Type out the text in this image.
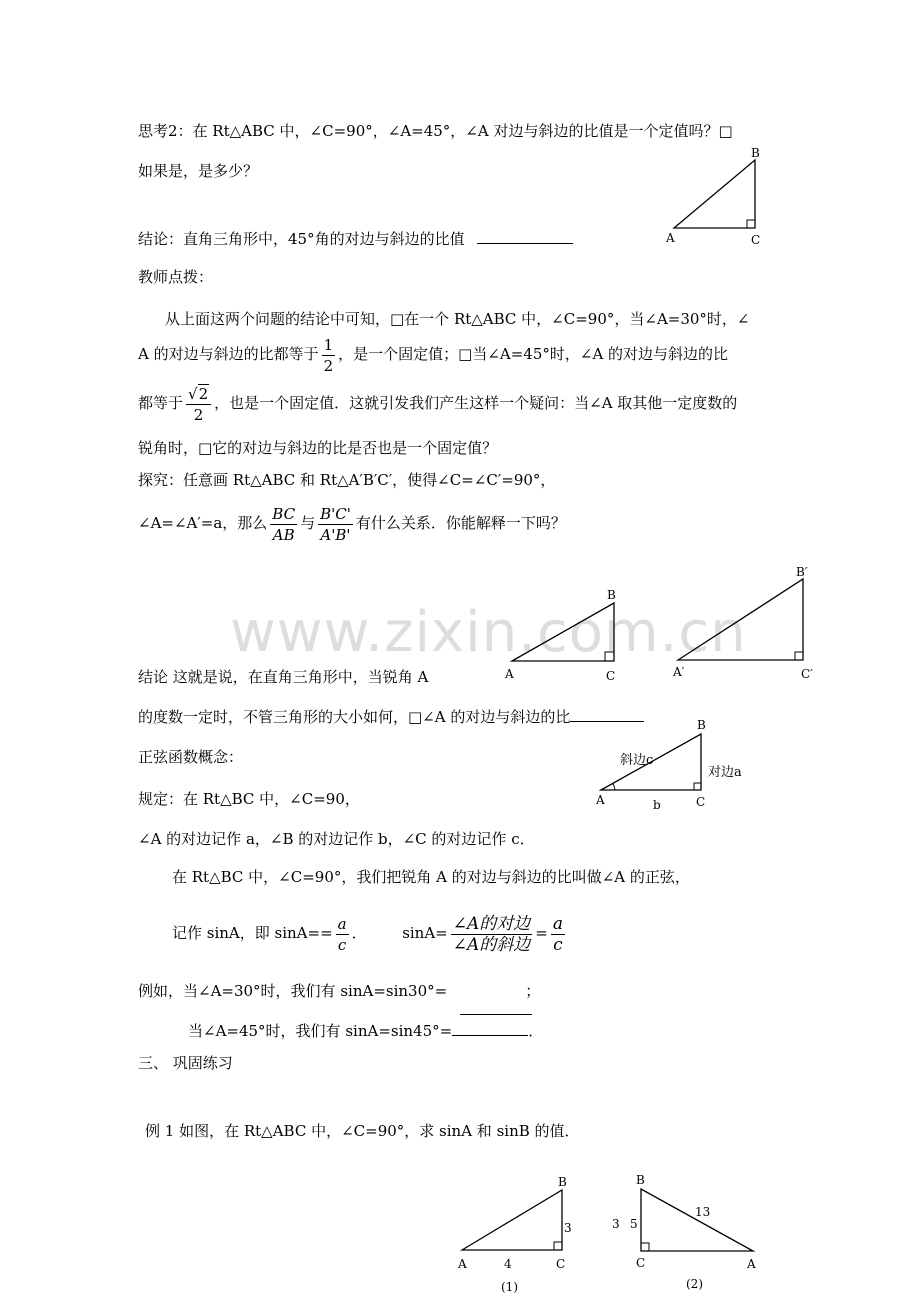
www.zixin.com.cn
思考2：在 Rt△ABC 中，∠C=90°，∠A=45°，∠A 对边与斜边的比值是一个定值吗？□
如果是，是多少？
结论：直角三角形中，45°角的对边与斜边的比值	A
B
C
教师点拨：
从上面这两个问题的结论中可知，□在一个 Rt△ABC 中，∠C=90°，当∠A=30°时，∠
A 的对边与斜边的比都等于 $\frac{1}{2}$ ，是一个固定值；□当∠A=45°时，∠A 的对边与斜边的比
都等于 $\frac{√2}{2}$ ，也是一个固定值．这就引发我们产生这样一个疑问：当∠A 取其他一定度数的
锐角时，□它的对边与斜边的比是否也是一个固定值？
探究：任意画 Rt△ABC 和 Rt△A′B′C′，使得∠C=∠C′=90°，
∠A=∠A′=a，那么 $\frac{BC}{AB}$ 与 $\frac{B'C'}{A'B'}$ 有什么关系．你能解释一下吗？
A
B
C	A′
B′
C′
结论 这就是说，在直角三角形中，当锐角 A
的度数一定时，不管三角形的大小如何，□∠A 的对边与斜边的比
A
B
C
斜边c
对边a
b
正弦函数概念：
规定：在 Rt△BC 中，∠C=90，
∠A 的对边记作 a，∠B 的对边记作 b，∠C 的对边记作 c．
在 Rt△BC 中，∠C=90°，我们把锐角 A 的对边与斜边的比叫做∠A 的正弦，
记作 sinA，即 $\sin A== \frac{a}{c}$ ． $\sin A= \frac{\text{∠A的对边}}{\text{∠A的斜边}} = \frac{a}{c}$
例如，当∠A=30°时，我们有 sinA=sin30°=	；
当∠A=45°时，我们有 sinA=sin45°=	．
三、 巩固练习
例 1 如图，在 Rt△ABC 中，∠C=90°，求 sinA 和 sinB 的值．
A
B
C
3
4
(1)
B
C	A
3 5
13
(2)
